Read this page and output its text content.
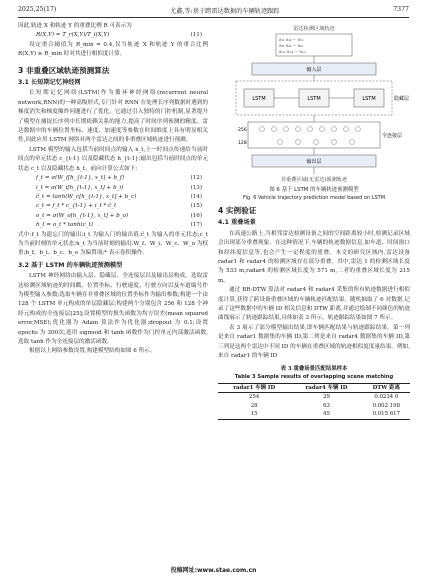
2025,25(17)	尤鑫,等:基于跨雷达数据的车辆轨迹跟踪	7377

因此,轨迹 X 和轨迹 Y 的重叠比例 R 可表示为

R(X,Y) = T_r(X,Y)/T_i(X,Y)	(11)

设定重合阈值为 R_min = 0.4,仅当轨迹 X 和轨迹 Y 的重合比例 R(X,Y) ≥ R_min 时对其进行相似度计算。

3 非重叠区域轨迹预测算法
3.1 长短期记忆神经网

长短期记忆网络(LSTM)作为循环神经网络(recurrent neural network,RNN)的一种高级形式,专门针对 RNN 在处理长序列数据时遇到的梯度消失和梯度爆炸问题进行了优化。它通过引入独特的门控机制,显著提升了模型在捕捉长序列中长期依赖关系的能力,提高了时间序列预测的精度。雷达数据中的车辆位置坐标、速度、加速度等参数在时间维度上具有明显相关性,因此应用 LSTM 网络对两个雷达之间的非重叠区域轨迹进行预测。

LSTM 模型的输入包括当前时间点的输入 x_t,上一时间点传递给当前时间点的单元状态 c_{t-1} 以及隐藏状态 h_{t-1};输出包括当前时间点的单元状态 c_t 以及隐藏状态 h_t。前向计算公式如下:

f_t = σ(W_f[h_{t-1}, x_t] + b_f)	(12)
i_t = σ(W_i[h_{t-1}, x_t] + b_i)	(13)
c̃_t = tanh(W_c[h_{t-1}, x_t] + b_c)	(14)
c_t = f_t * c_{t-1} + i_t * c̃_t	(15)
o_t = σ(W_o[h_{t-1}, x_t] + b_o)	(16)
h_t = o_t * tanh(c_t)	(17)

式中:f_t 为遗忘门的输出;i_t 为输入门的输出值;c̃_t 为输入的单元状态;c_t 为当前时刻的单元状态;h_t 为当前时刻的输出;W_f、W_i、W_c、W_o 为权重;b_f、b_i、b_c、b_o 为偏置项;* 表示卷积操作。

3.2 基于 LSTM 的车辆轨迹预测模型

LSTM 神经网络由输入层、隐藏层、全连接层以及输出层构成。选取雷达检测区域轨迹的时间戳、位置坐标、行驶速度、行驶方向以及车道编号作为模型输入参数;选取车辆在非重叠区域的位置坐标作为输出参数;构建一个由 128 个 LSTM 单元构成的单层隐藏层;构建两个分别包含 256 和 128 个神经元构成的全连接层[25];设置模型的损失函数为均方误差(mean squared error,MSE);优化器为 Adam 算法作为优化器;dropout 为 0.1;设置 epochs 为 300次;选用 sigmoid 和 tanh 函数作为门控单元内部激活函数,选取 tanh 作为全连接层的激活函数。

根据以上网络参数设置,构建模型结构如图 6 所示。

雷达检测区域轨迹
x₁₁ x₁₂ ··· x₁ₙ
x₂₁ x₂₂ ··· x₂ₙ
xₘ₁ xₘ₂ ··· xₘₙ
输入层
隐藏层
LSTM	LSTM	LSTM
256
128
全连接层
输出层
非重叠区域(无雷达)预测轨迹
图 6 基于 LSTM 的车辆轨迹预测模型
Fig. 6 Vehicle trajectory prediction model based on LSTM
4 实例验证
4.1 重叠场景

在高速公路上,当相邻雷达检测设备之间的空间距离较小时,检测记录区域会出现部分重叠现象。在这种情况下,车辆的轨迹数据信息,如车道、时间窗口和经纬度信息等,也会产生一定程度的重叠。本文的研究区域内,雷达设备 radar1 和 radar4 的检测区域存在部分重叠。其中,雷达 1 的检测区域长度为 533 m,radar4 的检测区域长度为 571 m,二者的重叠区域长度为 215 m。

通过 BR-DTW 算法对 radar4 和 radar4 采集的所有轨迹数据进行相似度计算,获得了跨设备重叠区域的车辆轨迹匹配结果。随机抽取了 6 对数据,记录了这些数据中的车辆 ID 相关信息和 DTW 距离,并通过绘制不同颜色的轨迹曲线展示了轨迹跟踪结果,具体如表 3 所示。轨迹跟踪结果如图 7 所示。

表 3 展示了部分模型输出结果,即车辆匹配结果与轨迹跟踪结果。第一列是来自 radar1 数据集的车辆 ID,第二列是来自 radar4 数据集的车辆 ID,第三列是这两个雷达中不同 ID 的车辆在重叠区域的轨迹相似度度量结果。例如,来自 radar1 的车辆 ID

表 3 重叠场景匹配结果样本
Table 3 Sample results of overlapping scene matching
radar1 车辆 ID	radar4 车辆 ID	DTW 距离
254	29	0.0234 0
28	63	0.002 198
15	45	0.015 617
投稿网址:www.stae.com.cn
